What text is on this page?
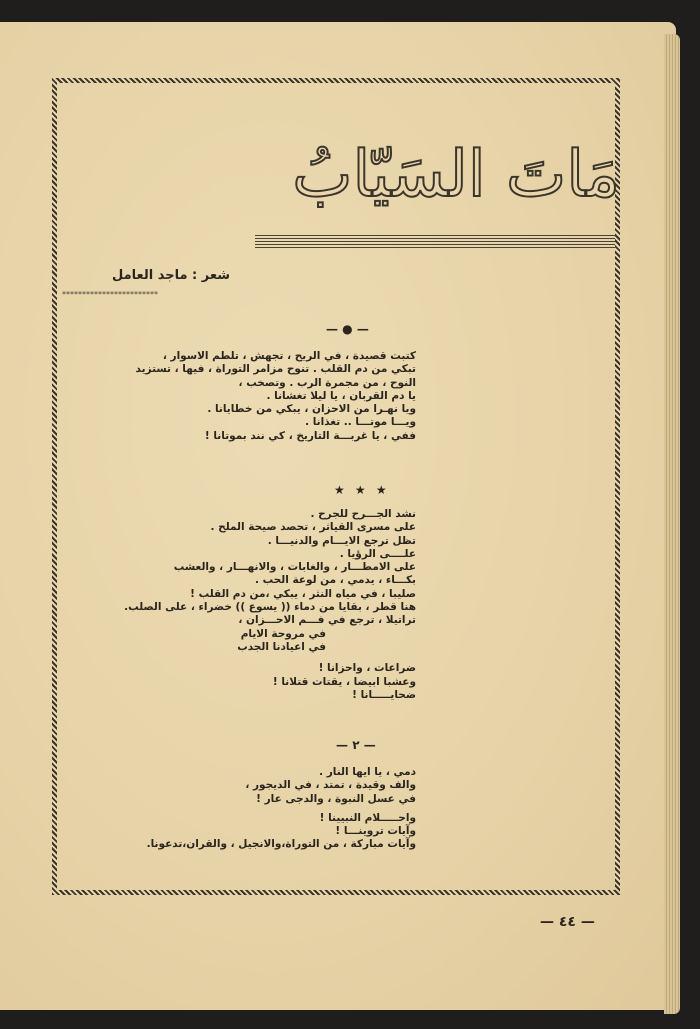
مَاتَ السَيّابُ
شعر : ماجد العامل
************************
— ● —
كتبت قصيدة ، في الريح ، تجهش ، تلطم الاسوار ،
تبكي من دم القلب . تنوح مزامر التوراة ، فيها ، تستزيد
النوح ، من مجمرة الرب . وتصخب ،
يا دم القربان ، يا ليلا تغشانا .
ويا نهـرا من الاحزان ، يبكي من خطايانا .
ويـــا موتـــا .. تغذانا .
ففي ، يا غربـــة التاريخ ، كي نند بموتانا !
★ ★ ★
نشد الجـــرح للجرح .
على مسرى القياثر ، تحصد صيحة الملح .
تظل ترجع الايـــام والدنيـــا .
علــــى الرؤيا .
على الامطـــار ، والغابات ، والانهـــار ، والعشب
بكـــاء ، يدمي ، من لوعة الحب .
صليبا ، في مياه النثر ، يبكي ،من دم القلب !
هنا قطر ، بقايا من دماء (( يسوع )) خضراء ، على الصلب.
تراتيلا ، ترجع في فـــم الاحـــزان ،
في مروحة الايام
في اعيادنا الجدب
ضراعات ، واحزانا !
وعشبا ابيضا ، يقتات قتلانا !
ضحايـــــانا !
— ٢ —
دمي ، يا ايها النار .
والف وقيدة ، تمتد ، في الديجور ،
في عسل النبوة ، والدجى عار !
واحـــــلام النبيينا !
وآيات تروينـــا !
وآيات مباركة ، من التوراة،والانجيل ، والقران،تدعونا.
— ٤٤ —
